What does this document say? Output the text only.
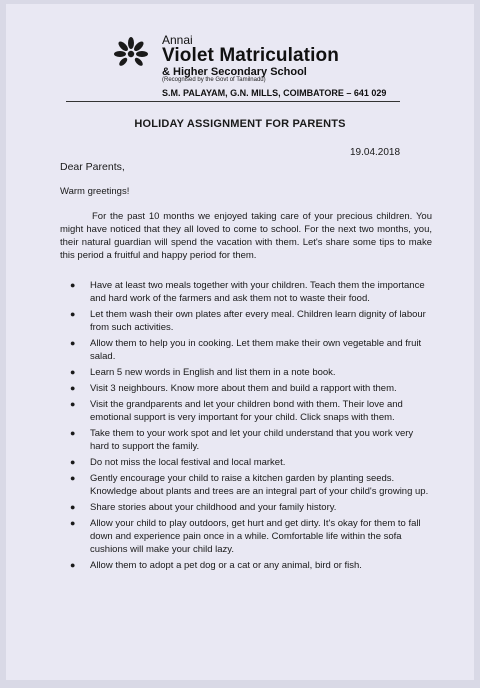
Annai
Violet Matriculation
& Higher Secondary School
(Recognised by the Govt of Tamilnadu)
S.M. PALAYAM, G.N. MILLS, COIMBATORE – 641 029
HOLIDAY ASSIGNMENT FOR PARENTS
19.04.2018
Dear Parents,
Warm greetings!
For the past 10 months we enjoyed taking care of your precious children. You might have noticed that they all loved to come to school. For the next two months, you, their natural guardian will spend the vacation with them. Let's share some tips to make this period a fruitful and happy period for them.
● Have at least two meals together with your children. Teach them the importance and hard work of the farmers and ask them not to waste their food.
● Let them wash their own plates after every meal. Children learn dignity of labour from such activities.
● Allow them to help you in cooking. Let them make their own vegetable and fruit salad.
● Learn 5 new words in English and list them in a note book.
● Visit 3 neighbours. Know more about them and build a rapport with them.
● Visit the grandparents and let your children bond with them. Their love and emotional support is very important for your child. Click snaps with them.
● Take them to your work spot and let your child understand that you work very hard to support the family.
● Do not miss the local festival and local market.
● Gently encourage your child to raise a kitchen garden by planting seeds. Knowledge about plants and trees are an integral part of your child's growing up.
● Share stories about your childhood and your family history.
● Allow your child to play outdoors, get hurt and get dirty. It's okay for them to fall down and experience pain once in a while. Comfortable life within the sofa cushions will make your child lazy.
● Allow them to adopt a pet dog or a cat or any animal, bird or fish.
